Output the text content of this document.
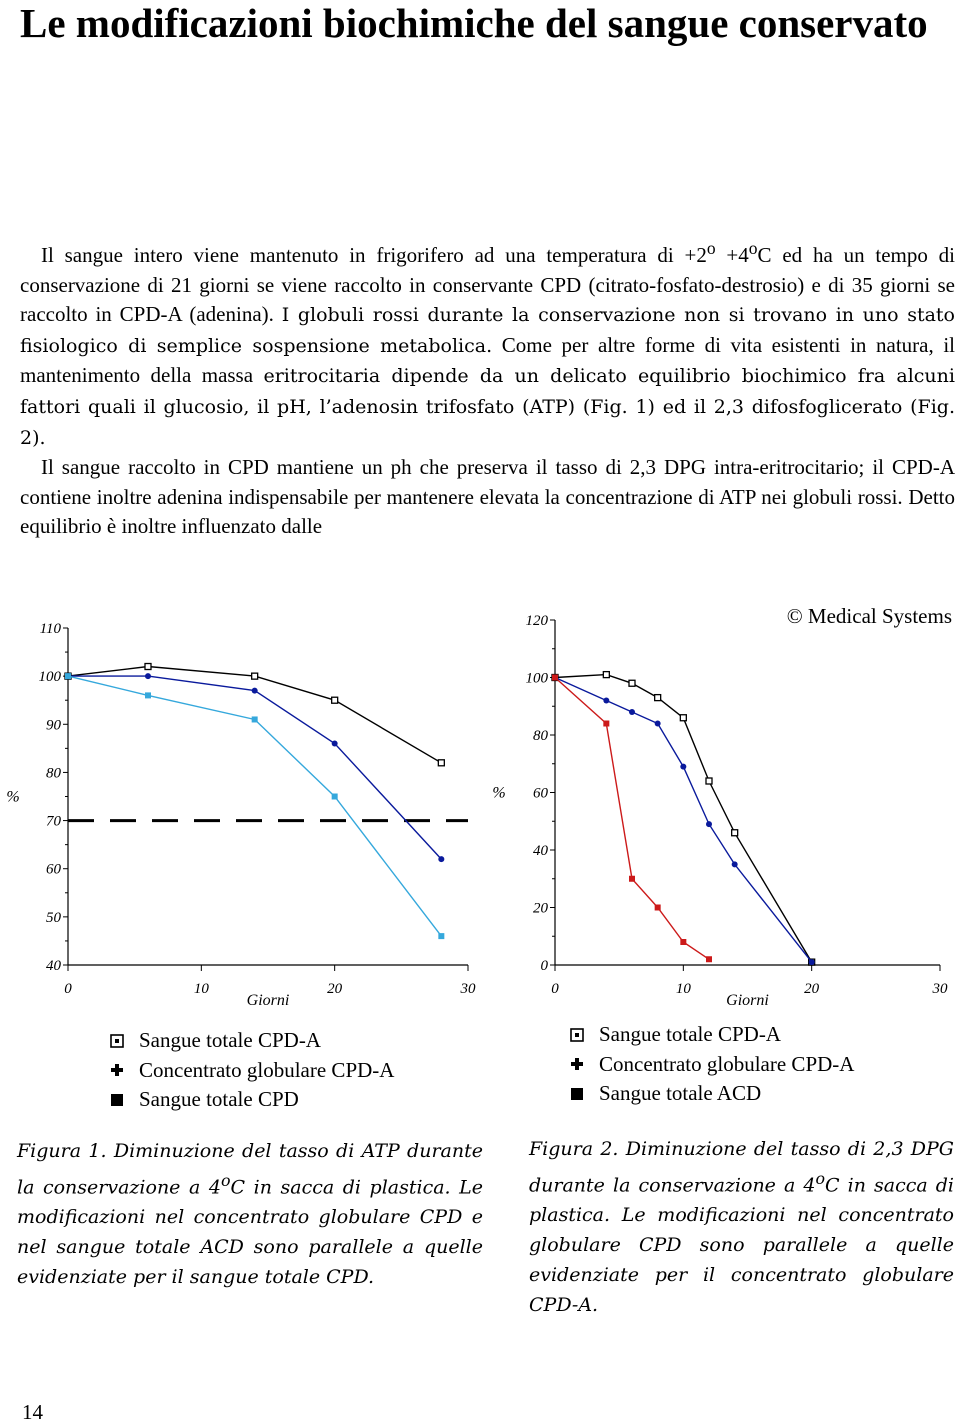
Le modificazioni biochimiche del sangue conservato

Il sangue intero viene mantenuto in frigorifero ad una temperatura di $+2^o +4^oC$ ed ha un tempo di conservazione di 21 giorni se viene raccolto in conservante CPD (citrato-fosfato-destrosio) e di 35 giorni se raccolto in CPD-A (adenina). I globuli rossi durante la conservazione non si trovano in uno stato fisiologico di semplice sospensione metabolica. Come per altre forme di vita esistenti in natura, il mantenimento della massa eritrocitaria dipende da un delicato equilibrio biochimico fra alcuni fattori quali il glucosio, il pH, l’adenosin trifosfato (ATP) (Fig. 1) ed il 2,3 difosfoglicerato (Fig. 2).

Il sangue raccolto in CPD mantiene un ph che preserva il tasso di 2,3 DPG intra-eritrocitario; il CPD-A contiene inoltre adenina indispensabile per mantenere elevata la concentrazione di ATP nei globuli rossi. Detto equilibrio è inoltre influenzato dalle

40
50
60
70
80
90
100
110
0	10	20	30
Giorni
%
0
20
40
60
80
100
120
0	10	20	30
Giorni
%
© Medical Systems
Sangue totale CPD-A
Concentrato globulare CPD-A
Sangue totale CPD
Sangue totale CPD-A
Concentrato globulare CPD-A
Sangue totale ACD

Figura 1. Diminuzione del tasso di ATP durante la conservazione a 4$^o$C in sacca di plastica. Le modificazioni nel concentrato globulare CPD e nel sangue totale ACD sono parallele a quelle evidenziate per il sangue totale CPD.

Figura 2. Diminuzione del tasso di 2,3 DPG durante la conservazione a 4$^o$C in sacca di plastica. Le modificazioni nel concentrato globulare CPD sono parallele a quelle evidenziate per il concentrato globulare CPD-A.

14
